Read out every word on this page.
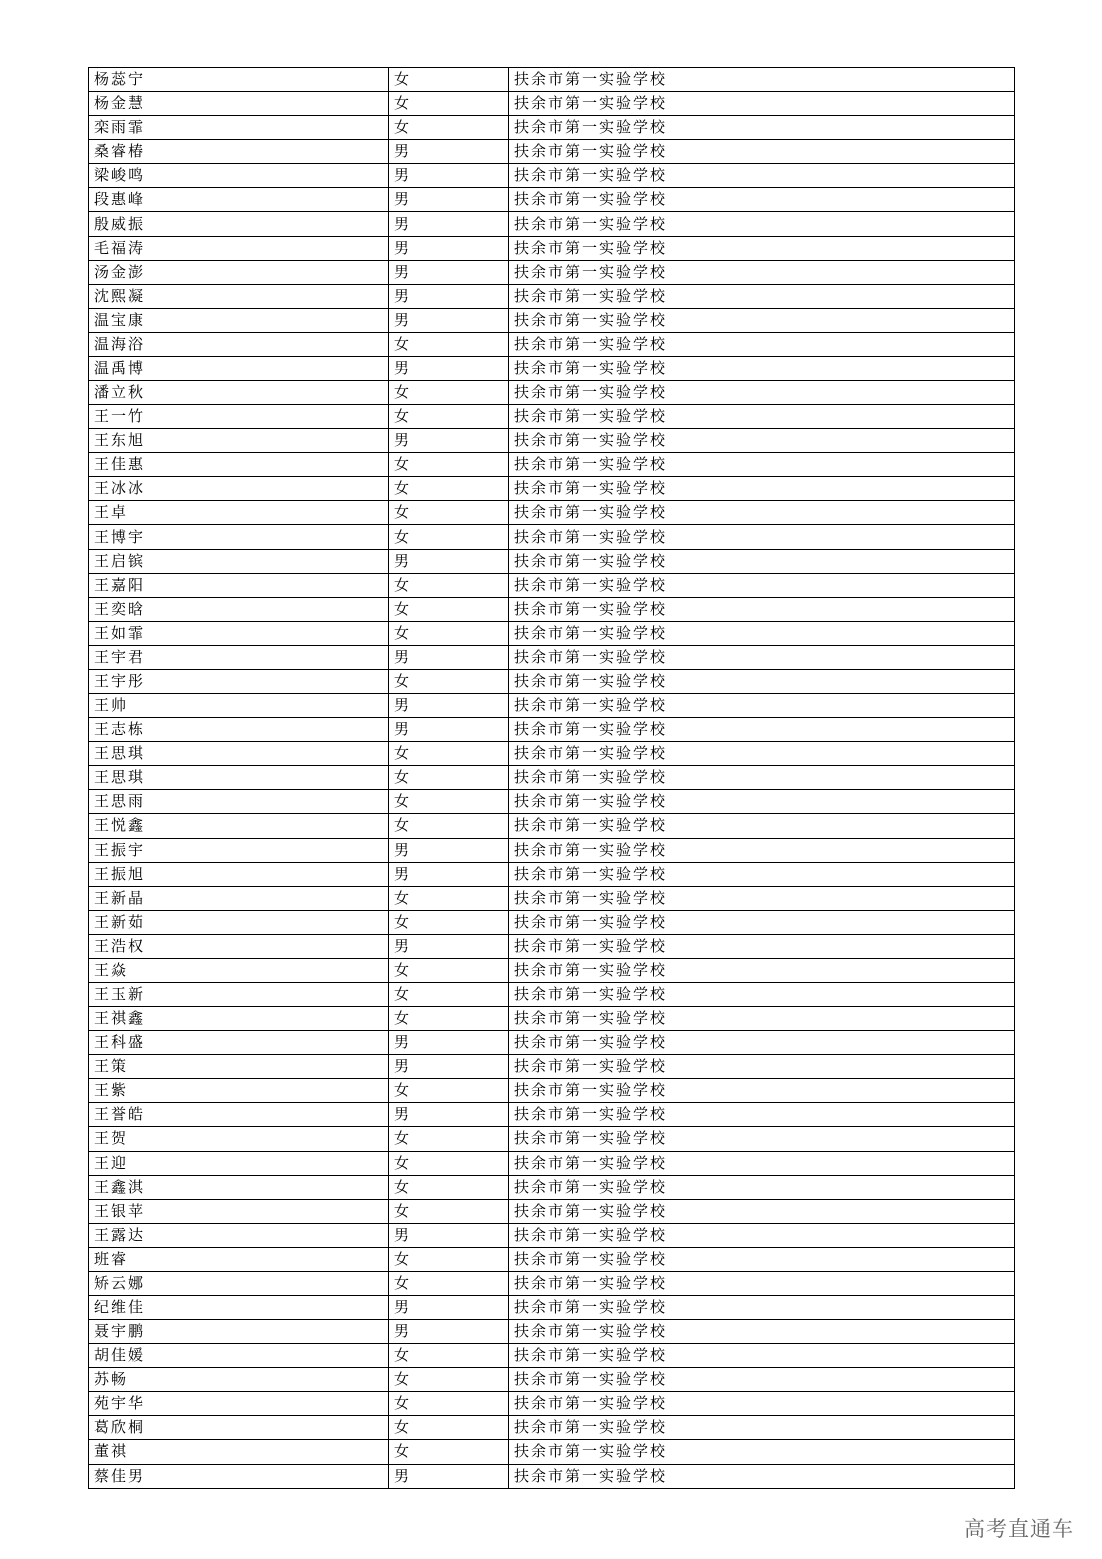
杨蕊宁	女	扶余市第一实验学校
杨金慧	女	扶余市第一实验学校
栾雨霏	女	扶余市第一实验学校
桑睿椿	男	扶余市第一实验学校
梁峻鸣	男	扶余市第一实验学校
段惠峰	男	扶余市第一实验学校
殷威振	男	扶余市第一实验学校
毛福涛	男	扶余市第一实验学校
汤金澎	男	扶余市第一实验学校
沈熙凝	男	扶余市第一实验学校
温宝康	男	扶余市第一实验学校
温海浴	女	扶余市第一实验学校
温禹博	男	扶余市第一实验学校
潘立秋	女	扶余市第一实验学校
王一竹	女	扶余市第一实验学校
王东旭	男	扶余市第一实验学校
王佳惠	女	扶余市第一实验学校
王冰冰	女	扶余市第一实验学校
王卓	女	扶余市第一实验学校
王博宇	女	扶余市第一实验学校
王启镔	男	扶余市第一实验学校
王嘉阳	女	扶余市第一实验学校
王奕晗	女	扶余市第一实验学校
王如霏	女	扶余市第一实验学校
王宇君	男	扶余市第一实验学校
王宇彤	女	扶余市第一实验学校
王帅	男	扶余市第一实验学校
王志栋	男	扶余市第一实验学校
王思琪	女	扶余市第一实验学校
王思琪	女	扶余市第一实验学校
王思雨	女	扶余市第一实验学校
王悦鑫	女	扶余市第一实验学校
王振宇	男	扶余市第一实验学校
王振旭	男	扶余市第一实验学校
王新晶	女	扶余市第一实验学校
王新茹	女	扶余市第一实验学校
王浩权	男	扶余市第一实验学校
王焱	女	扶余市第一实验学校
王玉新	女	扶余市第一实验学校
王祺鑫	女	扶余市第一实验学校
王科盛	男	扶余市第一实验学校
王策	男	扶余市第一实验学校
王紫	女	扶余市第一实验学校
王誉皓	男	扶余市第一实验学校
王贺	女	扶余市第一实验学校
王迎	女	扶余市第一实验学校
王鑫淇	女	扶余市第一实验学校
王银苹	女	扶余市第一实验学校
王露达	男	扶余市第一实验学校
班睿	女	扶余市第一实验学校
矫云娜	女	扶余市第一实验学校
纪维佳	男	扶余市第一实验学校
聂宇鹏	男	扶余市第一实验学校
胡佳媛	女	扶余市第一实验学校
苏畅	女	扶余市第一实验学校
苑宇华	女	扶余市第一实验学校
葛欣桐	女	扶余市第一实验学校
董祺	女	扶余市第一实验学校
蔡佳男	男	扶余市第一实验学校
高考直通车
